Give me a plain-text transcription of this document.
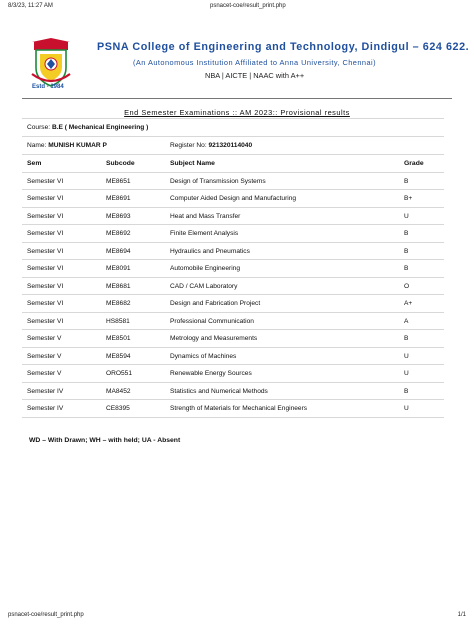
8/3/23, 11:27 AM	psnacet-coe/result_print.php
Estd - 1984
PSNA College of Engineering and Technology, Dindigul – 624 622.
(An Autonomous Institution Affiliated to Anna University, Chennai)
NBA | AICTE | NAAC with A++
End Semester Examinations :: AM 2023:: Provisional results
Course: B.E ( Mechanical Engineering )
Name: MUNISH KUMAR P	Register No: 921320114040
Sem	Subcode	Subject Name	Grade
Semester VI	ME8651	Design of Transmission Systems	B
Semester VI	ME8691	Computer Aided Design and Manufacturing	B+
Semester VI	ME8693	Heat and Mass Transfer	U
Semester VI	ME8692	Finite Element Analysis	B
Semester VI	ME8694	Hydraulics and Pneumatics	B
Semester VI	ME8091	Automobile Engineering	B
Semester VI	ME8681	CAD / CAM Laboratory	O
Semester VI	ME8682	Design and Fabrication Project	A+
Semester VI	HS8581	Professional Communication	A
Semester V	ME8501	Metrology and Measurements	B
Semester V	ME8594	Dynamics of Machines	U
Semester V	ORO551	Renewable Energy Sources	U
Semester IV	MA8452	Statistics and Numerical Methods	B
Semester IV	CE8395	Strength of Materials for Mechanical Engineers	U
WD – With Drawn; WH – with held; UA - Absent
psnacet-coe/result_print.php	1/1
